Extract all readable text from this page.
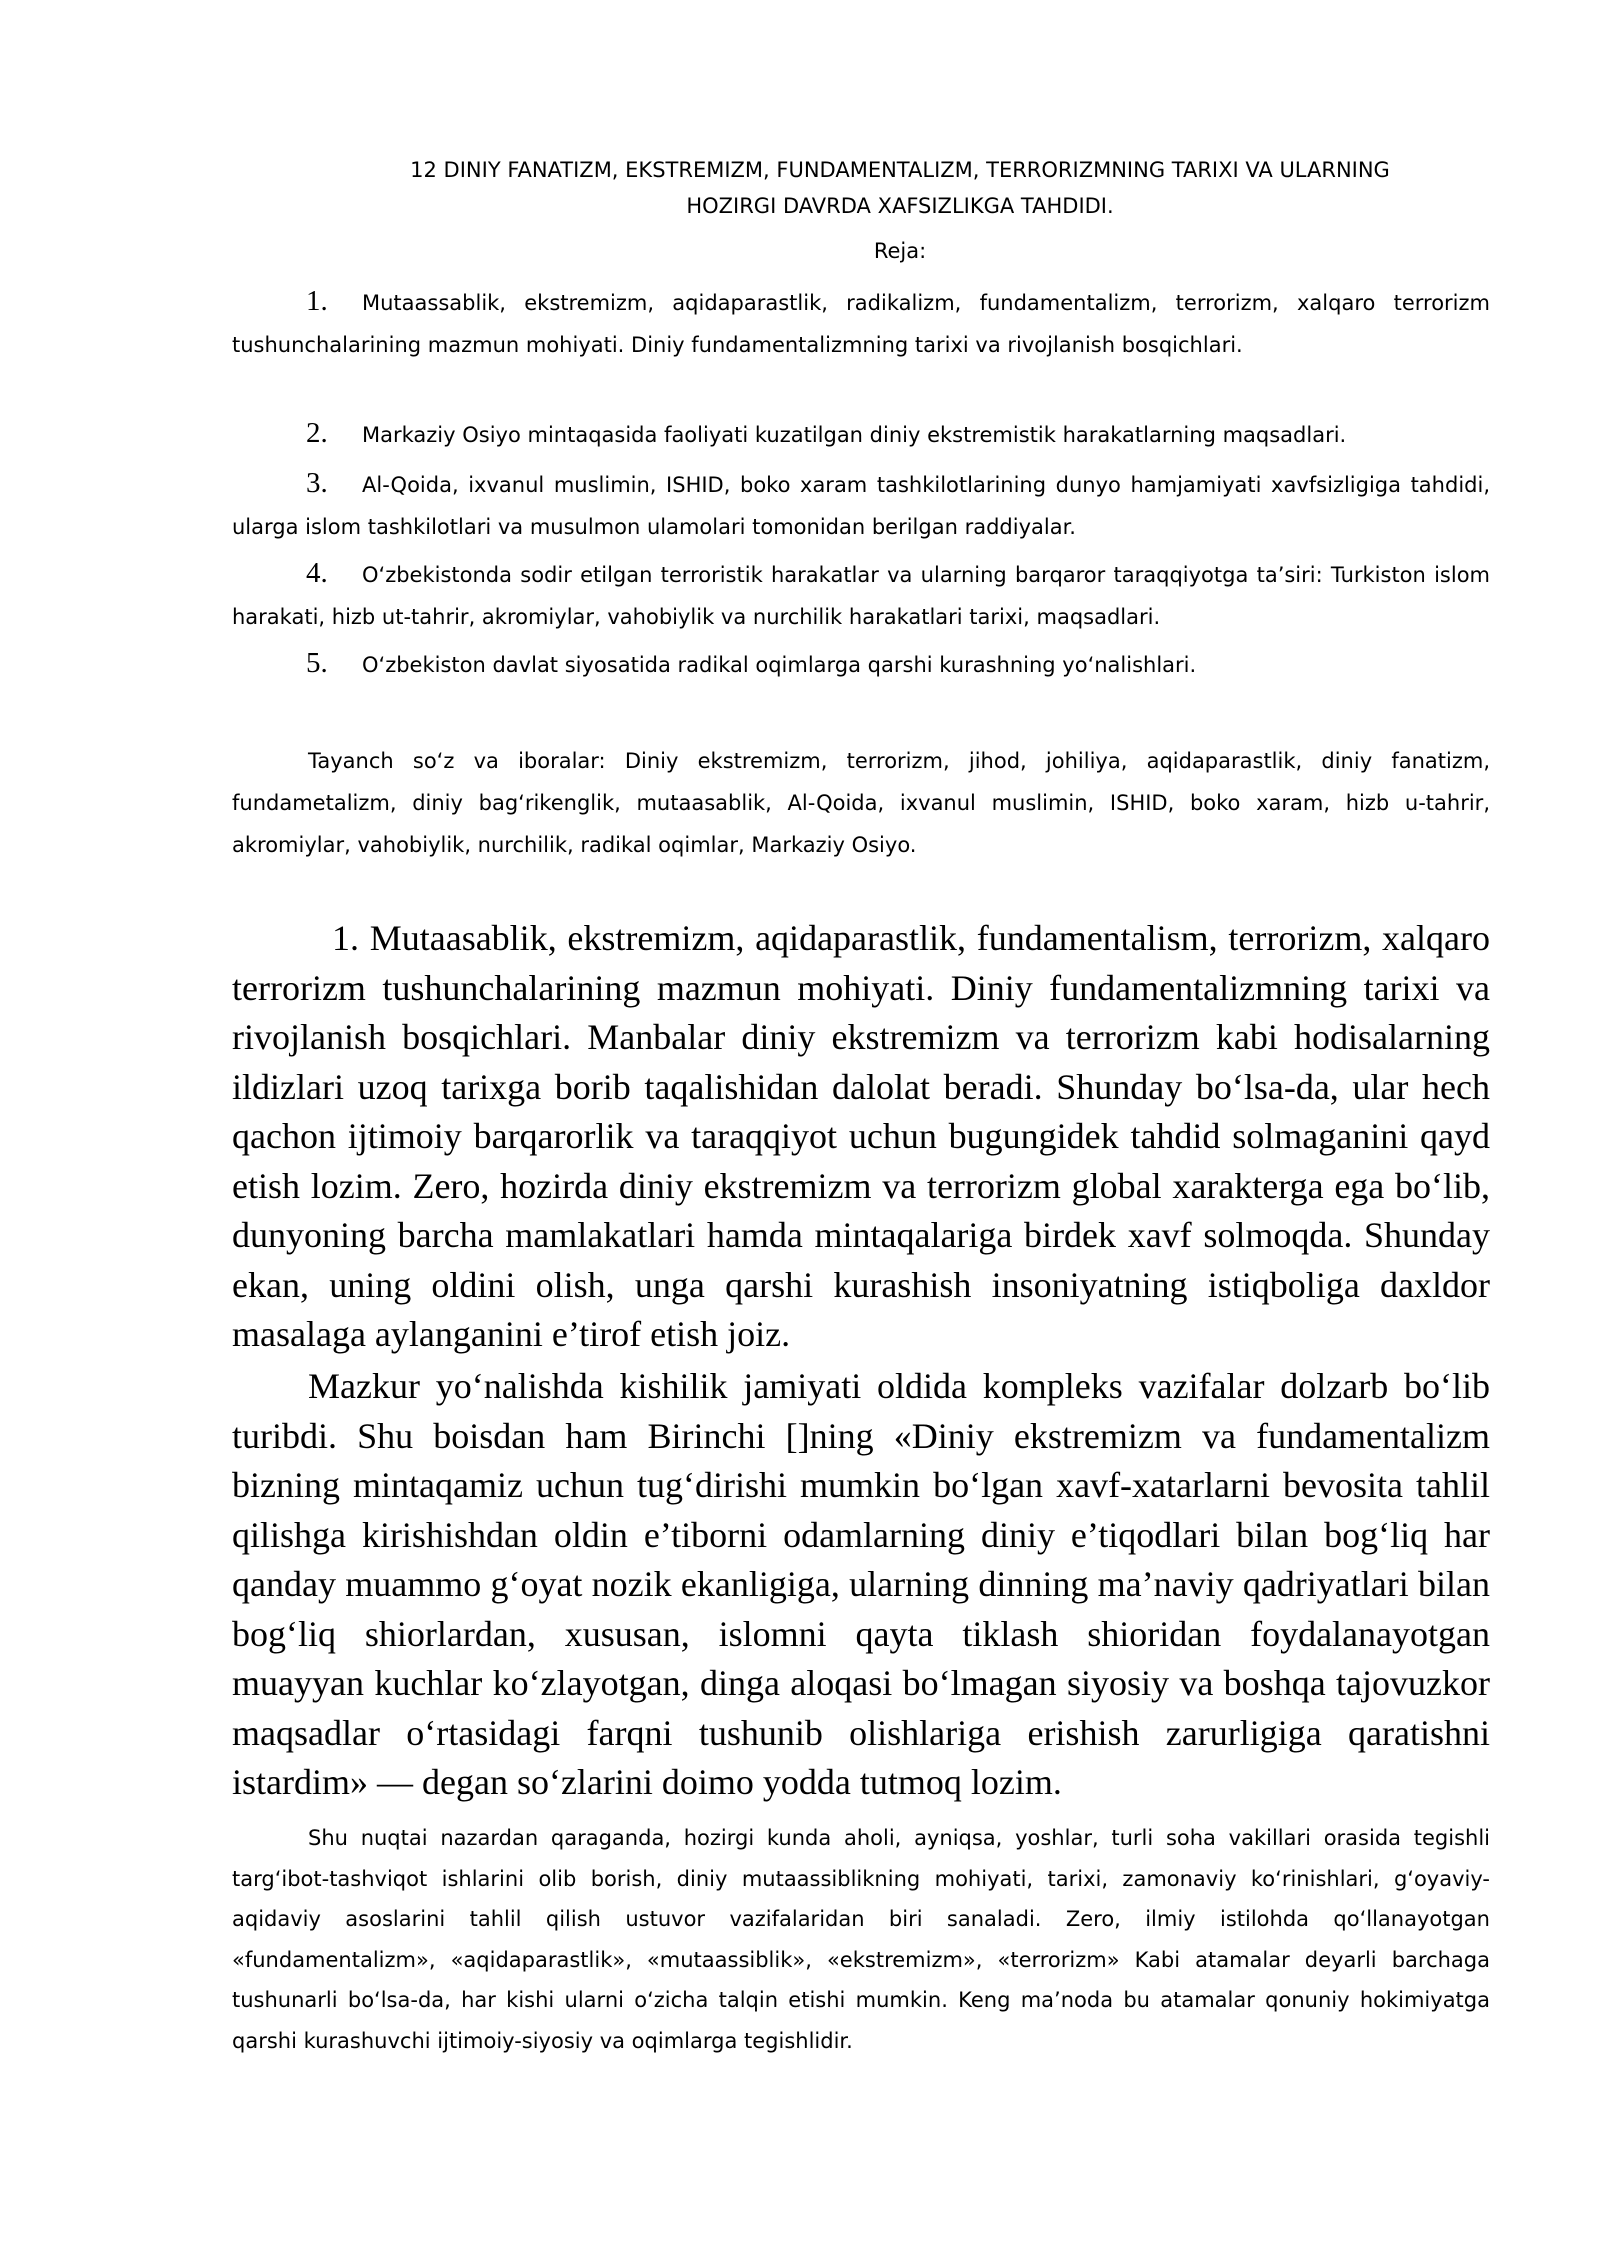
12 DINIY FANATIZM, EKSTREMIZM, FUNDAMENTALIZM, TERRORIZMNING TARIXI VA ULARNING
HOZIRGI DAVRDA XAFSIZLIKGA TAHDIDI.

Reja:

1. Mutaassablik, ekstremizm, aqidaparastlik, radikalizm, fundamentalizm, terrorizm, xalqaro terrorizm tushunchalarining mazmun mohiyati. Diniy fundamentalizmning tarixi va rivojlanish bosqichlari.

2. Markaziy Osiyo mintaqasida faoliyati kuzatilgan diniy ekstremistik harakatlarning maqsadlari.

3. Al-Qoida, ixvanul muslimin, ISHID, boko xaram tashkilotlarining dunyo hamjamiyati xavfsizligiga tahdidi, ularga islom tashkilotlari va musulmon ulamolari tomonidan berilgan raddiyalar.

4. O‘zbekistonda sodir etilgan terroristik harakatlar va ularning barqaror taraqqiyotga ta’siri: Turkiston islom harakati, hizb ut-tahrir, akromiylar, vahobiylik va nurchilik harakatlari tarixi, maqsadlari.

5. O‘zbekiston davlat siyosatida radikal oqimlarga qarshi kurashning yo‘nalishlari.

Tayanch so‘z va iboralar: Diniy ekstremizm, terrorizm, jihod, johiliya, aqidaparastlik, diniy fanatizm, fundametalizm, diniy bag‘rikenglik, mutaasablik, Al-Qoida, ixvanul muslimin, ISHID, boko xaram, hizb u-tahrir, akromiylar, vahobiylik, nurchilik, radikal oqimlar, Markaziy Osiyo.

1. Mutaasablik, ekstremizm, aqidaparastlik, fundamentalism, terrorizm, xalqaro terrorizm tushunchalarining mazmun mohiyati. Diniy fundamentalizmning tarixi va rivojlanish bosqichlari. Manbalar diniy ekstremizm va terrorizm kabi hodisalarning ildizlari uzoq tarixga borib taqalishidan dalolat beradi. Shunday bo‘lsa-da, ular hech qachon ijtimoiy barqarorlik va taraqqiyot uchun bugungidek tahdid solmaganini qayd etish lozim. Zero, hozirda diniy ekstremizm va terrorizm global xarakterga ega bo‘lib, dunyoning barcha mamlakatlari hamda mintaqalariga birdek xavf solmoqda. Shunday ekan, uning oldini olish, unga qarshi kurashish insoniyatning istiqboliga daxldor masalaga aylanganini e’tirof etish joiz.

Mazkur yo‘nalishda kishilik jamiyati oldida kompleks vazifalar dolzarb bo‘lib turibdi. Shu boisdan ham Birinchi []ning «Diniy ekstremizm va fundamentalizm bizning mintaqamiz uchun tug‘dirishi mumkin bo‘lgan xavf-xatarlarni bevosita tahlil qilishga kirishishdan oldin e’tiborni odamlarning diniy e’tiqodlari bilan bog‘liq har qanday muammo g‘oyat nozik ekanligiga, ularning dinning ma’naviy qadriyatlari bilan bog‘liq shiorlardan, xususan, islomni qayta tiklash shioridan foydalanayotgan muayyan kuchlar ko‘zlayotgan, dinga aloqasi bo‘lmagan siyosiy va boshqa tajovuzkor maqsadlar o‘rtasidagi farqni tushunib olishlariga erishish zarurligiga qaratishni istardim» — degan so‘zlarini doimo yodda tutmoq lozim.

Shu nuqtai nazardan qaraganda, hozirgi kunda aholi, ayniqsa, yoshlar, turli soha vakillari orasida tegishli targ‘ibot-tashviqot ishlarini olib borish, diniy mutaassiblikning mohiyati, tarixi, zamonaviy ko‘rinishlari, g‘oyaviy-aqidaviy asoslarini tahlil qilish ustuvor vazifalaridan biri sanaladi. Zero, ilmiy istilohda qo‘llanayotgan «fundamentalizm», «aqidaparastlik», «mutaassiblik», «ekstremizm», «terrorizm» Kabi atamalar deyarli barchaga tushunarli bo‘lsa-da, har kishi ularni o‘zicha talqin etishi mumkin. Keng ma’noda bu atamalar qonuniy hokimiyatga qarshi kurashuvchi ijtimoiy-siyosiy va oqimlarga tegishlidir.
